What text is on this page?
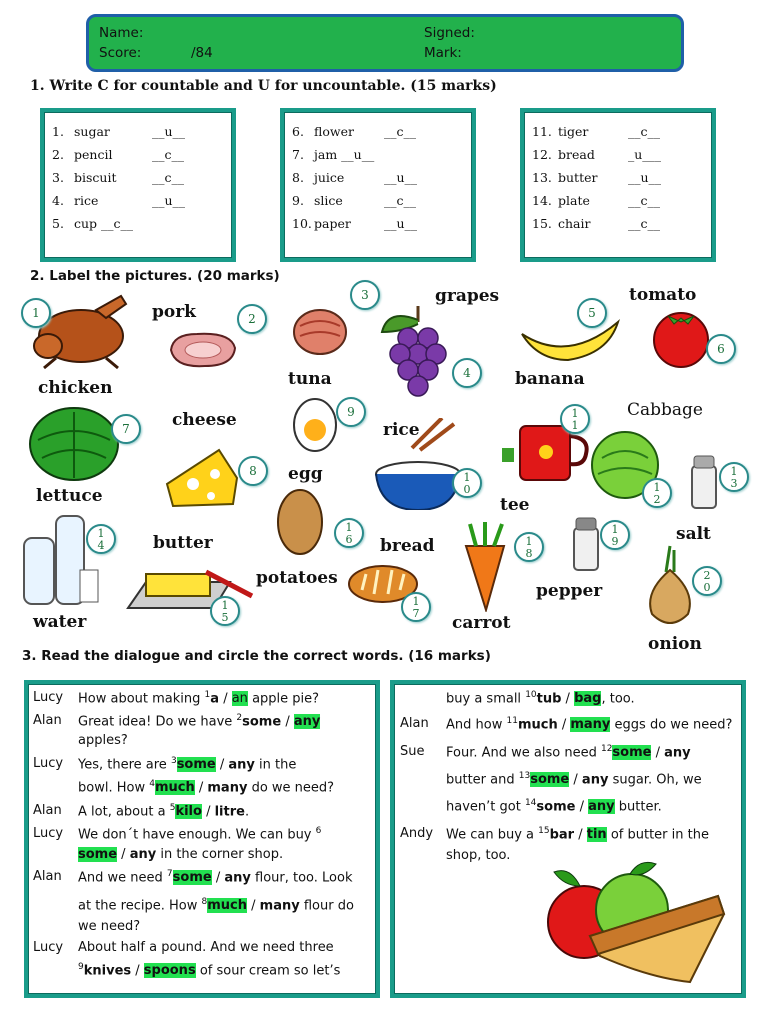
Name:	Signed:
Score:	/84	Mark:
1. Write C for countable and U for uncountable. (15 marks)
1. sugar	__u__
2. pencil	__c__
3. biscuit	__c__
4. rice	__u__
5. cup __c__
6. flower __c__
7. jam __u__
8. juice	__u__
9. slice	__c__
10. paper	__u__
11. tiger	__c__
12. bread	_u___
13. butter __u__
14. plate	__c__
15. chair	__c__
2. Label the pictures. (20 marks)
chicken
pork
tuna
grapes	tomato
banana
lettuce
cheese
egg
rice
Cabbage
tee
salt
water
butter
potatoes
bread
carrot
pepper
onion
1	2
3
4
5
6
7
8
9
1
0
1
1
1
2
1
3
1
4
1
5
1
6
1
7
1
8
1
9
2
0
3. Read the dialogue and circle the correct words. (16 marks)
Lucy How about making $^1$a / an apple pie?
Alan Great idea! Do we have $^2$some / any
apples?
Lucy Yes, there are $^3$some / any in the
bowl. How $^4$much / many do we need?
Alan A lot, about a $^5$kilo / litre.
Lucy We don´t have enough. We can buy $^6$
some / any in the corner shop.
Alan And we need $^7$some / any flour, too. Look
at the recipe. How $^8$much / many flour do
we need?
Lucy About half a pound. And we need three
$^9$knives / spoons of sour cream so let’s
buy a small $^{10}$tub / bag, too.
Alan And how $^{11}$much / many eggs do we need?
Sue Four. And we also need $^{12}$some / any
butter and $^{13}$some / any sugar. Oh, we
haven’t got $^{14}$some / any butter.
Andy We can buy a $^{15}$bar / tin of butter in the
shop, too.
